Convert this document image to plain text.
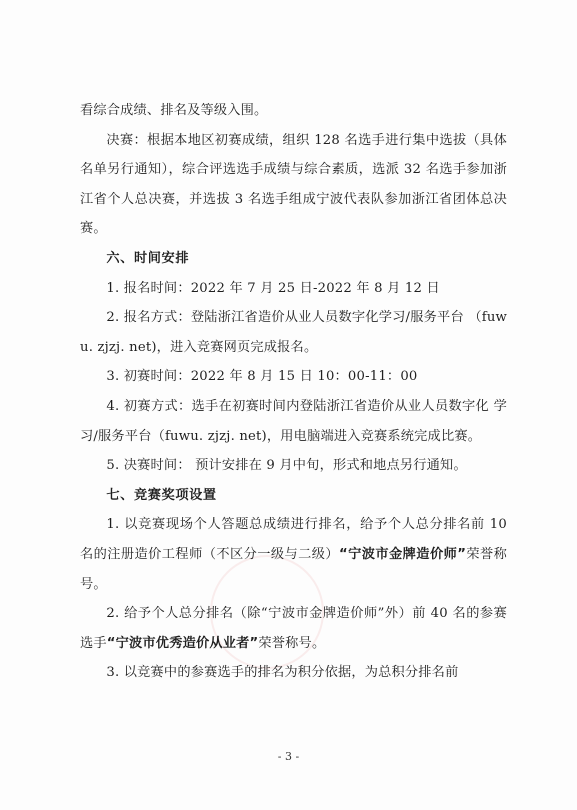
看综合成绩、排名及等级入围。

决赛：根据本地区初赛成绩，组织 128 名选手进行集中选拔（具体名单另行通知），综合评选选手成绩与综合素质，选派 32 名选手参加浙江省个人总决赛，并选拔 3 名选手组成宁波代表队参加浙江省团体总决赛。

六、时间安排

1. 报名时间：2022 年 7 月 25 日-2022 年 8 月 12 日

2. 报名方式：登陆浙江省造价从业人员数字化学习/服务平台 （fuwu. zjzj. net)，进入竞赛网页完成报名。

3. 初赛时间：2022 年 8 月 15 日 10：00-11：00

4. 初赛方式：选手在初赛时间内登陆浙江省造价从业人员数字化 学习/服务平台（fuwu. zjzj. net)，用电脑端进入竞赛系统完成比赛。

5. 决赛时间： 预计安排在 9 月中旬，形式和地点另行通知。

七、竞赛奖项设置

1. 以竞赛现场个人答题总成绩进行排名，给予个人总分排名前 10 名的注册造价工程师（不区分一级与二级）“宁波市金牌造价师”荣誉称号。

2. 给予个人总分排名（除“宁波市金牌造价师”外）前 40 名的参赛选手“宁波市优秀造价从业者”荣誉称号。

3. 以竞赛中的参赛选手的排名为积分依据，为总积分排名前

- 3 -
